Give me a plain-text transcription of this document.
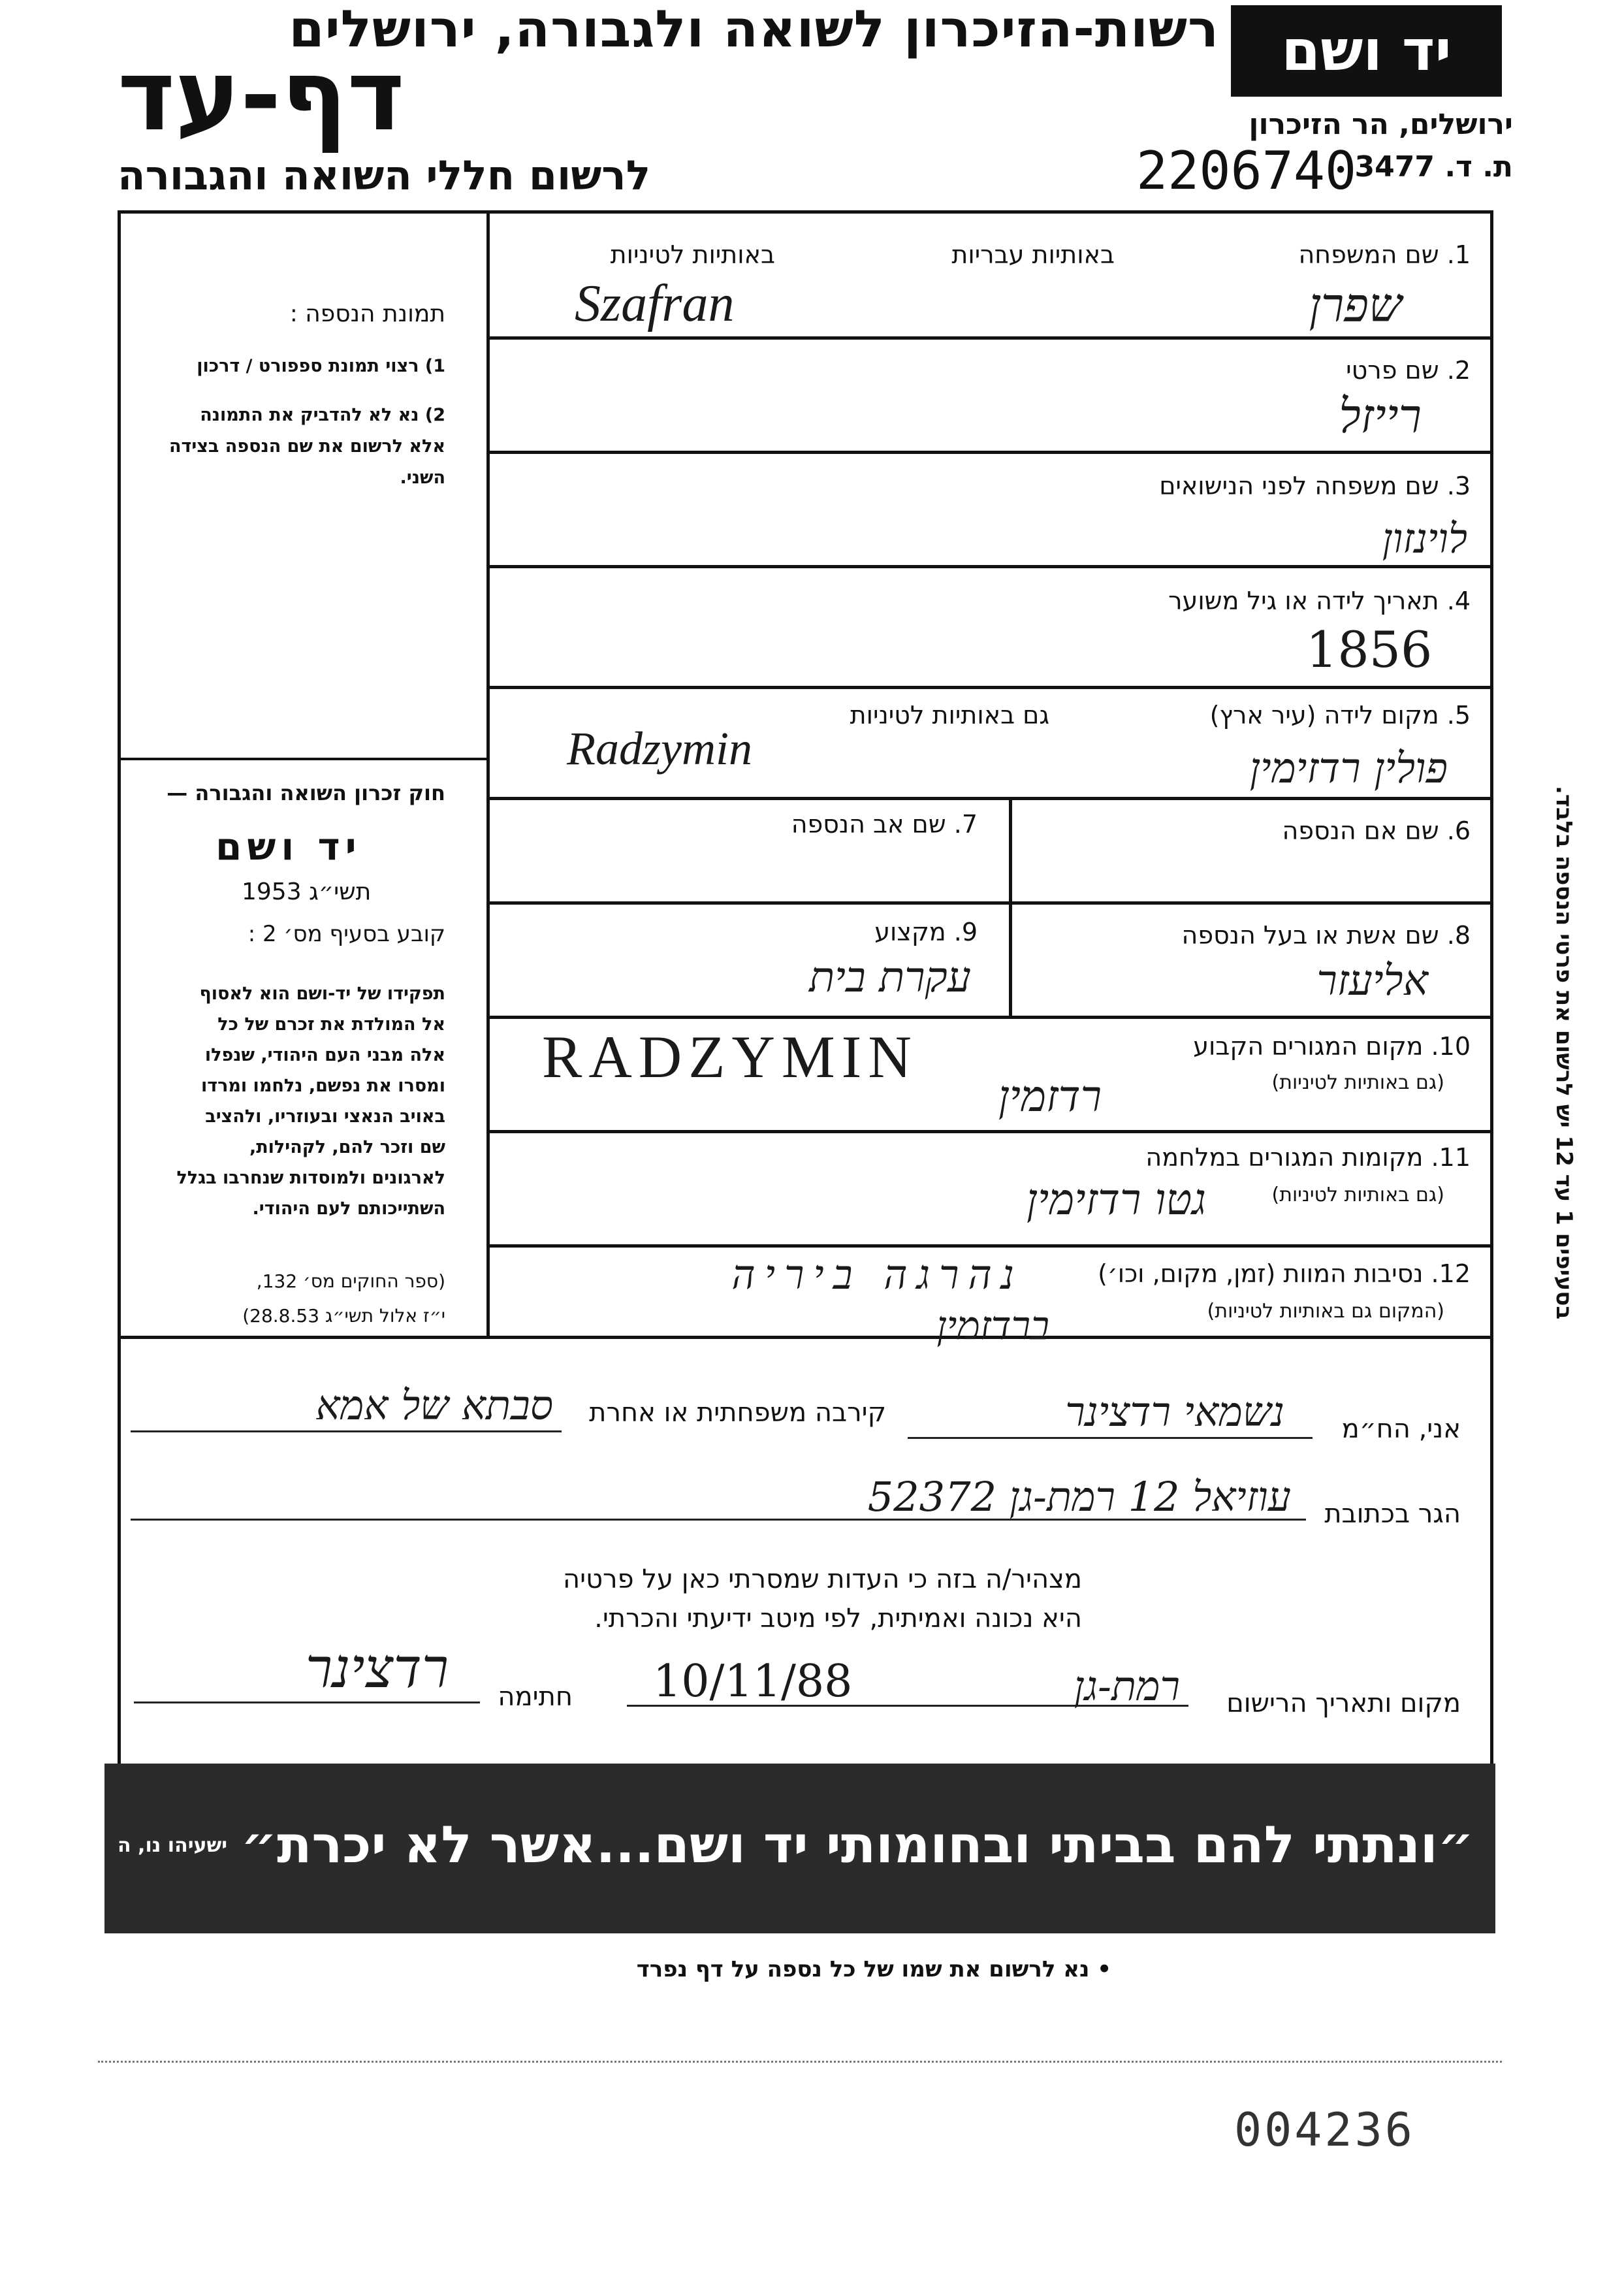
רשות-הזיכרון לשואה ולגבורה, ירושלים
דף-עד
לרשום חללי השואה והגבורה
יד ושם
ירושלים, הר הזיכרון
ת. ד. 3477
2206740
1. שם המשפחה
באותיות עבריות
באותיות לטיניות
שפרן
Szafran
2. שם פרטי
רייזל
3. שם משפחה לפני הנישואים
לוינזון
4. תאריך לידה או גיל משוער
1856
5. מקום לידה (עיר ארץ)
גם באותיות לטיניות
פולין רדזימין
Radzymin
6. שם אם הנספה
7. שם אב הנספה
8. שם אשת או בעל הנספה
אליעזר
9. מקצוע
עקרת בית
10. מקום המגורים הקבוע
(גם באותיות לטיניות)
RADZYMIN
רדזמין
11. מקומות המגורים במלחמה
(גם באותיות לטיניות)
גטו רדזימין
12. נסיבות המוות (זמן, מקום, וכו׳)
(המקום גם באותיות לטיניות)
נהרגה ביריה
ברדזמין
תמונת הנספה :
1) רצוי תמונת ספפורט / דרכון
2) נא לא להדביק את התמונה
אלא לרשום את שם הנספה בצידה
השני.
חוק זכרון השואה והגבורה —
יד ושם
תשי״ג 1953
קובע בסעיף מס׳ 2 :
תפקידו של יד-ושם הוא לאסוף
אל המולדת את זכרם של כל
אלה מבני העם היהודי, שנפלו
ומסרו את נפשם, נלחמו ומרדו
באויב הנאצי ובעוזריו, ולהציב
שם וזכר להם, לקהילות,
לארגונים ולמוסדות שנחרבו בגלל
השתייכותם לעם היהודי.
(ספר החוקים מס׳ 132,
י״ז אלול תשי״ג 28.8.53)
בסעיפים 1 עד 12 יש לרשום את פרטי הנספה בלבד.
אני, הח״מ
נשמאי רדצינר
קירבה משפחתית או אחרת
סבתא של אמא
הגר בכתובת
עוזיאל 12 רמת-גן 52372
מצהיר/ה בזה כי העדות שמסרתי כאן על פרטיה
היא נכונה ואמיתית, לפי מיטב ידיעתי והכרתי.
מקום ותאריך הרישום
רמת-גן
10/11/88
חתימה
רדצינר
״ונתתי להם בביתי ובחומותי יד ושם...אשר לא יכרת״
ישעיהו נו, ה
• נא לרשום את שמו של כל נספה על דף נפרד
004236
